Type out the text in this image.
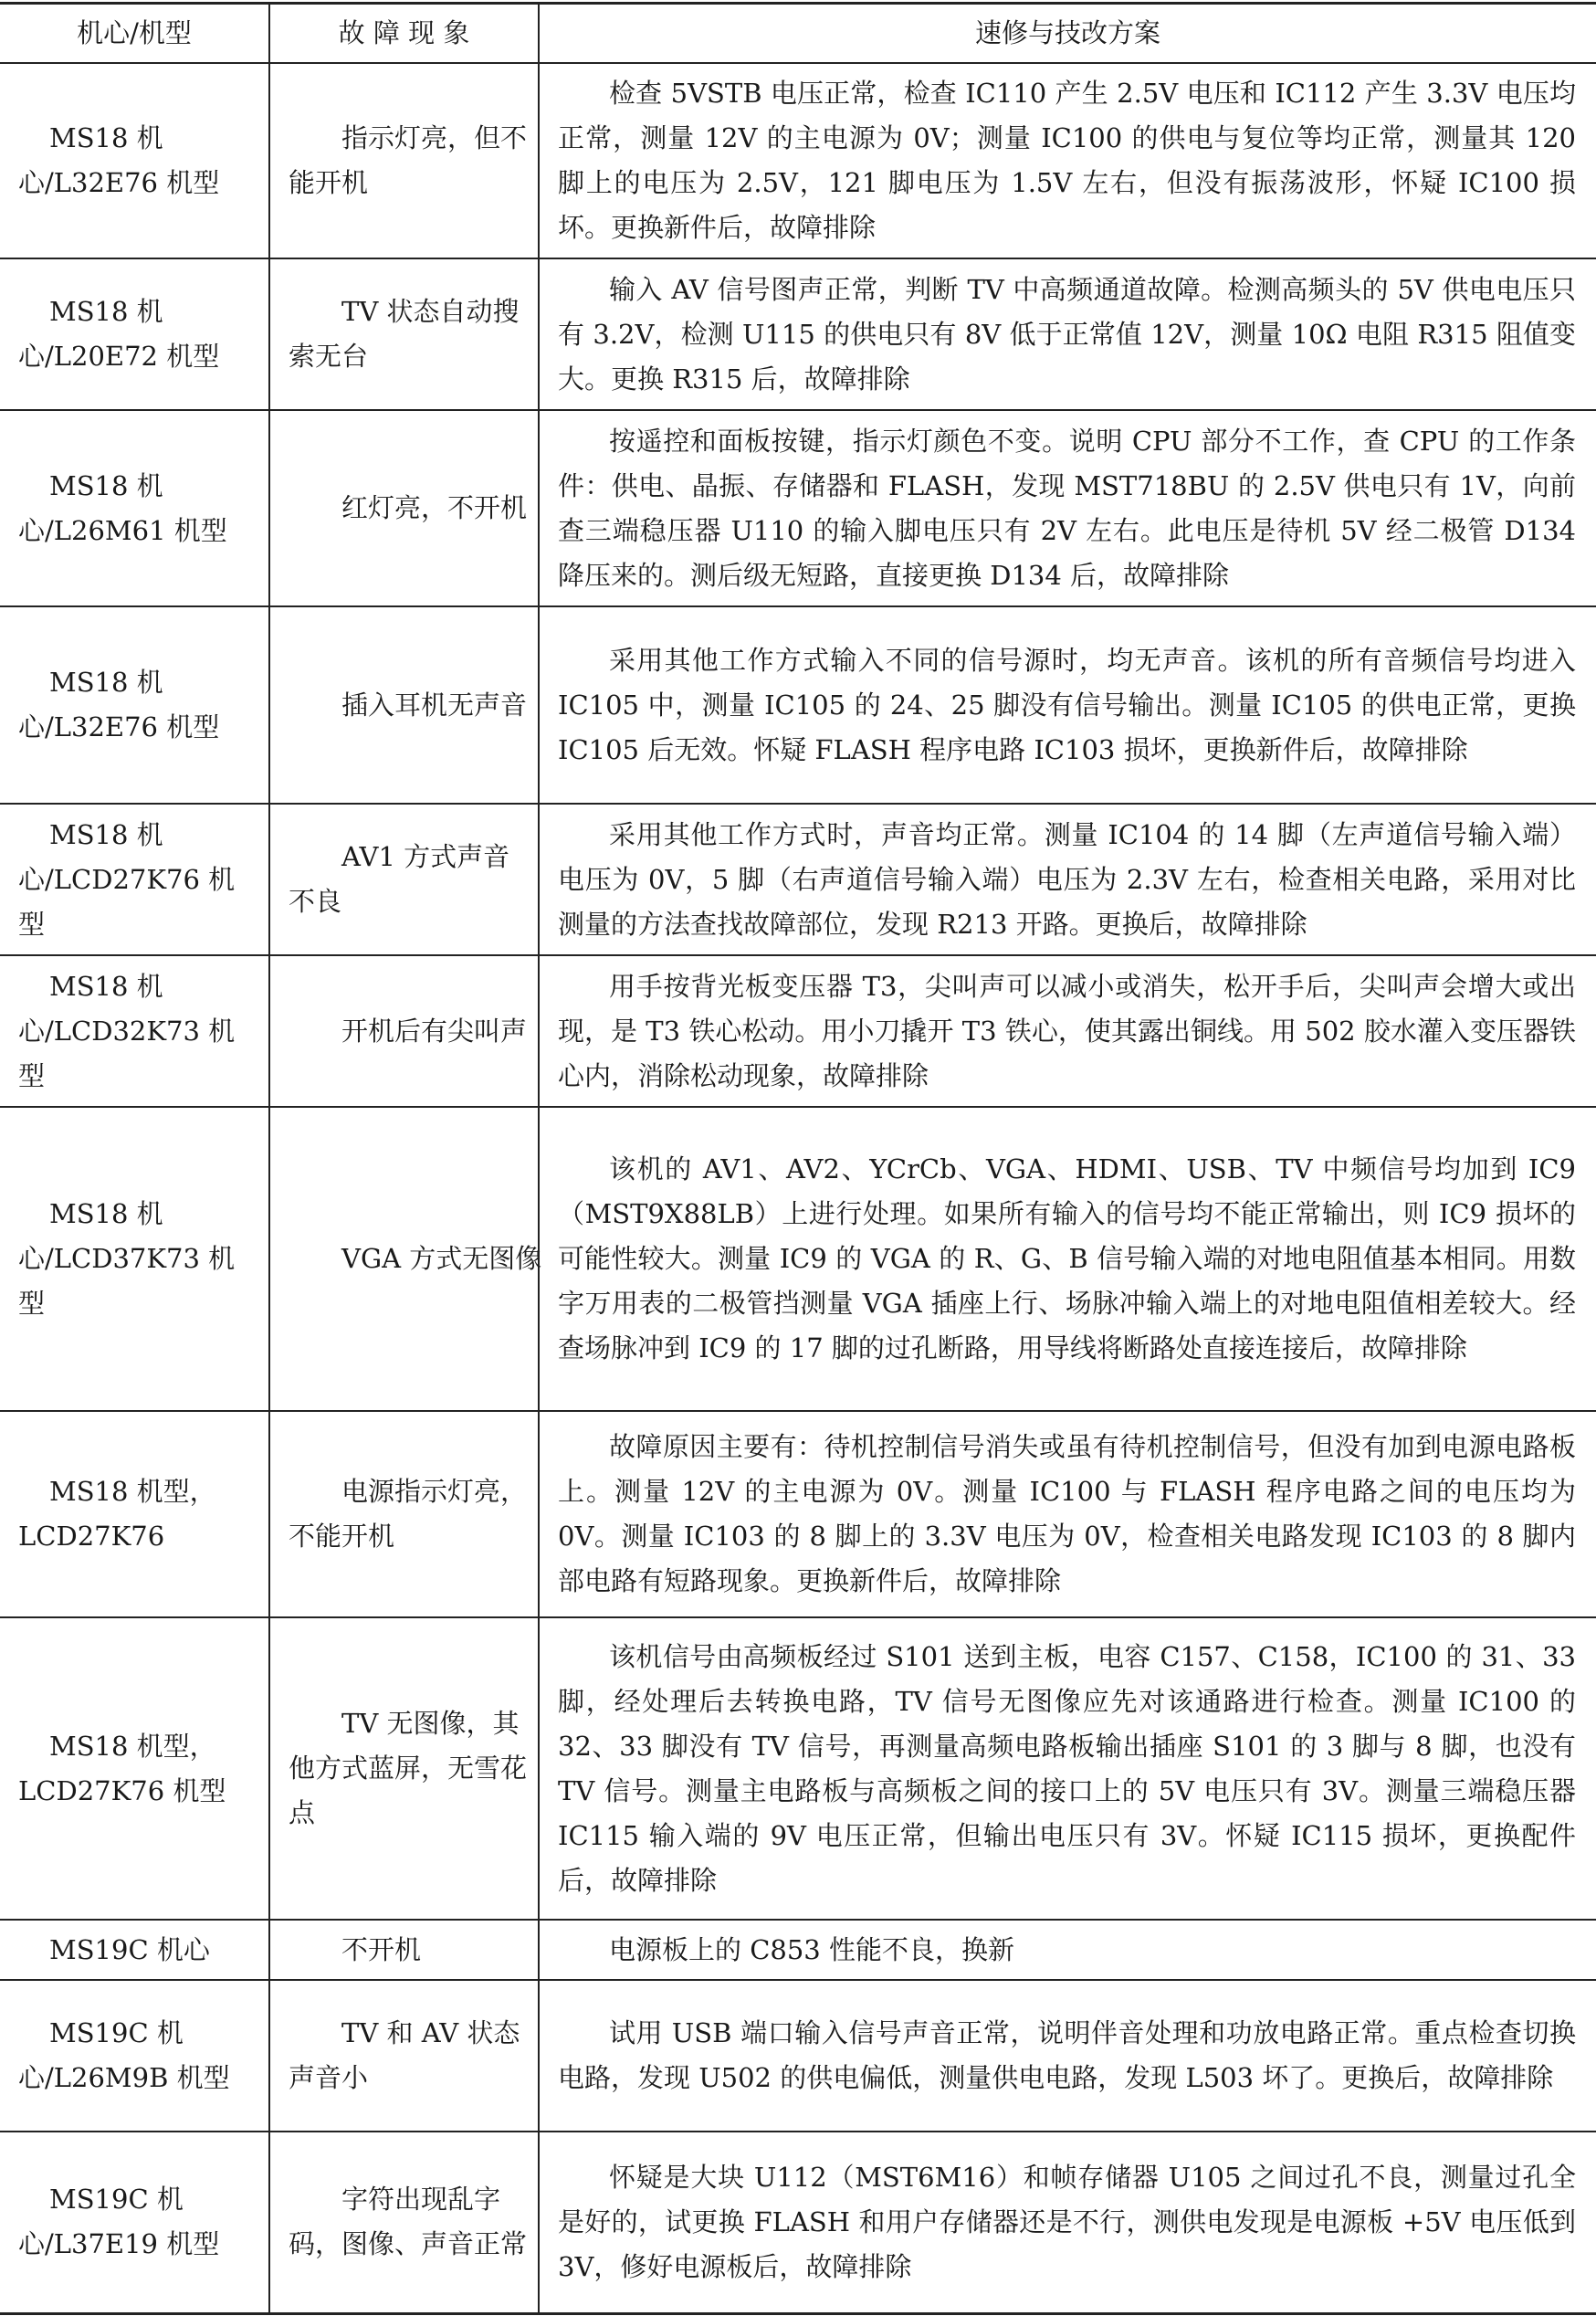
机心/机型	故 障 现 象	速修与技改方案
MS18 机心/L32E76 机型	指示灯亮，但不能开机	检查 5VSTB 电压正常，检查 IC110 产生 2.5V 电压和 IC112 产生 3.3V 电压均正常，测量 12V 的主电源为 0V；测量 IC100 的供电与复位等均正常，测量其 120 脚上的电压为 2.5V，121 脚电压为 1.5V 左右，但没有振荡波形，怀疑 IC100 损坏。更换新件后，故障排除
MS18 机心/L20E72 机型	TV 状态自动搜索无台	输入 AV 信号图声正常，判断 TV 中高频通道故障。检测高频头的 5V 供电电压只有 3.2V，检测 U115 的供电只有 8V 低于正常值 12V，测量 10Ω 电阻 R315 阻值变大。更换 R315 后，故障排除
MS18 机心/L26M61 机型	红灯亮，不开机	按遥控和面板按键，指示灯颜色不变。说明 CPU 部分不工作，查 CPU 的工作条件：供电、晶振、存储器和 FLASH，发现 MST718BU 的 2.5V 供电只有 1V，向前查三端稳压器 U110 的输入脚电压只有 2V 左右。此电压是待机 5V 经二极管 D134 降压来的。测后级无短路，直接更换 D134 后，故障排除
MS18 机心/L32E76 机型	插入耳机无声音	采用其他工作方式输入不同的信号源时，均无声音。该机的所有音频信号均进入 IC105 中，测量 IC105 的 24、25 脚没有信号输出。测量 IC105 的供电正常，更换 IC105 后无效。怀疑 FLASH 程序电路 IC103 损坏，更换新件后，故障排除
MS18 机心/LCD27K76 机型	AV1 方式声音不良	采用其他工作方式时，声音均正常。测量 IC104 的 14 脚（左声道信号输入端）电压为 0V，5 脚（右声道信号输入端）电压为 2.3V 左右，检查相关电路，采用对比测量的方法查找故障部位，发现 R213 开路。更换后，故障排除
MS18 机心/LCD32K73 机型	开机后有尖叫声	用手按背光板变压器 T3，尖叫声可以减小或消失，松开手后，尖叫声会增大或出现，是 T3 铁心松动。用小刀撬开 T3 铁心，使其露出铜线。用 502 胶水灌入变压器铁心内，消除松动现象，故障排除
MS18 机心/LCD37K73 机型	VGA 方式无图像	该机的 AV1、AV2、YCrCb、VGA、HDMI、USB、TV 中频信号均加到 IC9（MST9X88LB）上进行处理。如果所有输入的信号均不能正常输出，则 IC9 损坏的可能性较大。测量 IC9 的 VGA 的 R、G、B 信号输入端的对地电阻值基本相同。用数字万用表的二极管挡测量 VGA 插座上行、场脉冲输入端上的对地电阻值相差较大。经查场脉冲到 IC9 的 17 脚的过孔断路，用导线将断路处直接连接后，故障排除
MS18 机型，LCD27K76	电源指示灯亮，不能开机	故障原因主要有：待机控制信号消失或虽有待机控制信号，但没有加到电源电路板上。测量 12V 的主电源为 0V。测量 IC100 与 FLASH 程序电路之间的电压均为 0V。测量 IC103 的 8 脚上的 3.3V 电压为 0V，检查相关电路发现 IC103 的 8 脚内部电路有短路现象。更换新件后，故障排除
MS18 机型，LCD27K76 机型	TV 无图像，其他方式蓝屏，无雪花点	该机信号由高频板经过 S101 送到主板，电容 C157、C158，IC100 的 31、33 脚，经处理后去转换电路，TV 信号无图像应先对该通路进行检查。测量 IC100 的 32、33 脚没有 TV 信号，再测量高频电路板输出插座 S101 的 3 脚与 8 脚，也没有 TV 信号。测量主电路板与高频板之间的接口上的 5V 电压只有 3V。测量三端稳压器 IC115 输入端的 9V 电压正常，但输出电压只有 3V。怀疑 IC115 损坏，更换配件后，故障排除
MS19C 机心	不开机	电源板上的 C853 性能不良，换新
MS19C 机心/L26M9B 机型	TV 和 AV 状态声音小	试用 USB 端口输入信号声音正常，说明伴音处理和功放电路正常。重点检查切换电路，发现 U502 的供电偏低，测量供电电路，发现 L503 坏了。更换后，故障排除
MS19C 机心/L37E19 机型	字符出现乱字码，图像、声音正常	怀疑是大块 U112（MST6M16）和帧存储器 U105 之间过孔不良，测量过孔全是好的，试更换 FLASH 和用户存储器还是不行，测供电发现是电源板 +5V 电压低到 3V，修好电源板后，故障排除
